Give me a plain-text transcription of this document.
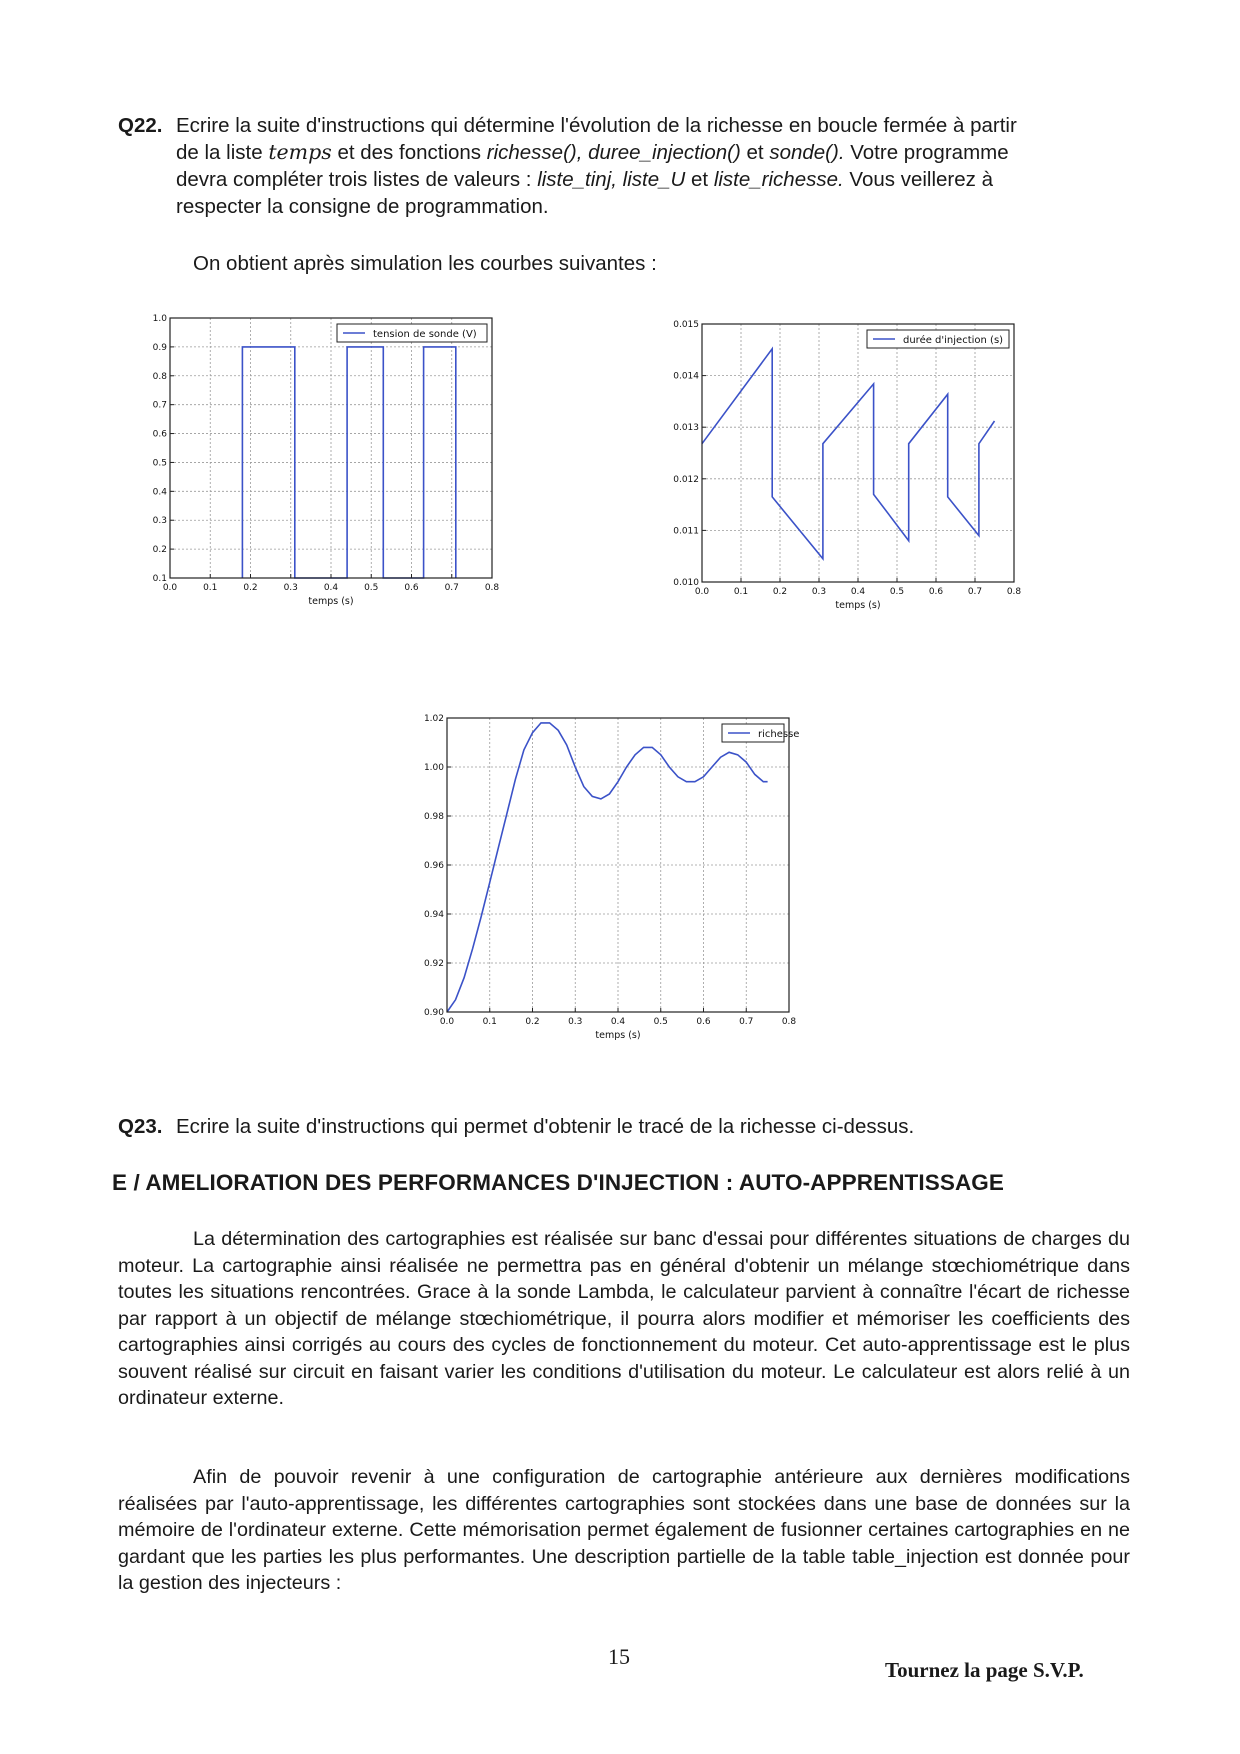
Q22. Ecrire la suite d'instructions qui détermine l'évolution de la richesse en boucle fermée à partir
de la liste temps et des fonctions richesse(), duree_injection() et sonde(). Votre programme
devra compléter trois listes de valeurs : liste_tinj, liste_U et liste_richesse. Vous veillerez à
respecter la consigne de programmation.
On obtient après simulation les courbes suivantes :
0.0	0.1	0.2	0.3	0.4	0.5	0.6	0.7	0.8
0.1
0.2
0.3
0.4
0.5
0.6
0.7
0.8
0.9
1.0
temps (s)
tension de sonde (V)
0.0	0.1	0.2	0.3	0.4	0.5	0.6	0.7	0.8
0.010
0.011
0.012
0.013
0.014
0.015
temps (s)
durée d'injection (s)
0.0	0.1	0.2	0.3	0.4	0.5	0.6	0.7	0.8
0.90
0.92
0.94
0.96
0.98
1.00
1.02
temps (s)
richesse
Q23. Ecrire la suite d'instructions qui permet d'obtenir le tracé de la richesse ci-dessus.
E / AMELIORATION DES PERFORMANCES D'INJECTION : AUTO-APPRENTISSAGE
La détermination des cartographies est réalisée sur banc d'essai pour différentes situations de charges du moteur. La cartographie ainsi réalisée ne permettra pas en général d'obtenir un mélange stœchiométrique dans toutes les situations rencontrées. Grace à la sonde Lambda, le calculateur parvient à connaître l'écart de richesse par rapport à un objectif de mélange stœchiométrique, il pourra alors modifier et mémoriser les coefficients des cartographies ainsi corrigés au cours des cycles de fonctionnement du moteur. Cet auto-apprentissage est le plus souvent réalisé sur circuit en faisant varier les conditions d'utilisation du moteur. Le calculateur est alors relié à un ordinateur externe.
Afin de pouvoir revenir à une configuration de cartographie antérieure aux dernières modifications réalisées par l'auto-apprentissage, les différentes cartographies sont stockées dans une base de données sur la mémoire de l'ordinateur externe. Cette mémorisation permet également de fusionner certaines cartographies en ne gardant que les parties les plus performantes. Une description partielle de la table table_injection est donnée pour la gestion des injecteurs :
15
Tournez la page S.V.P.
